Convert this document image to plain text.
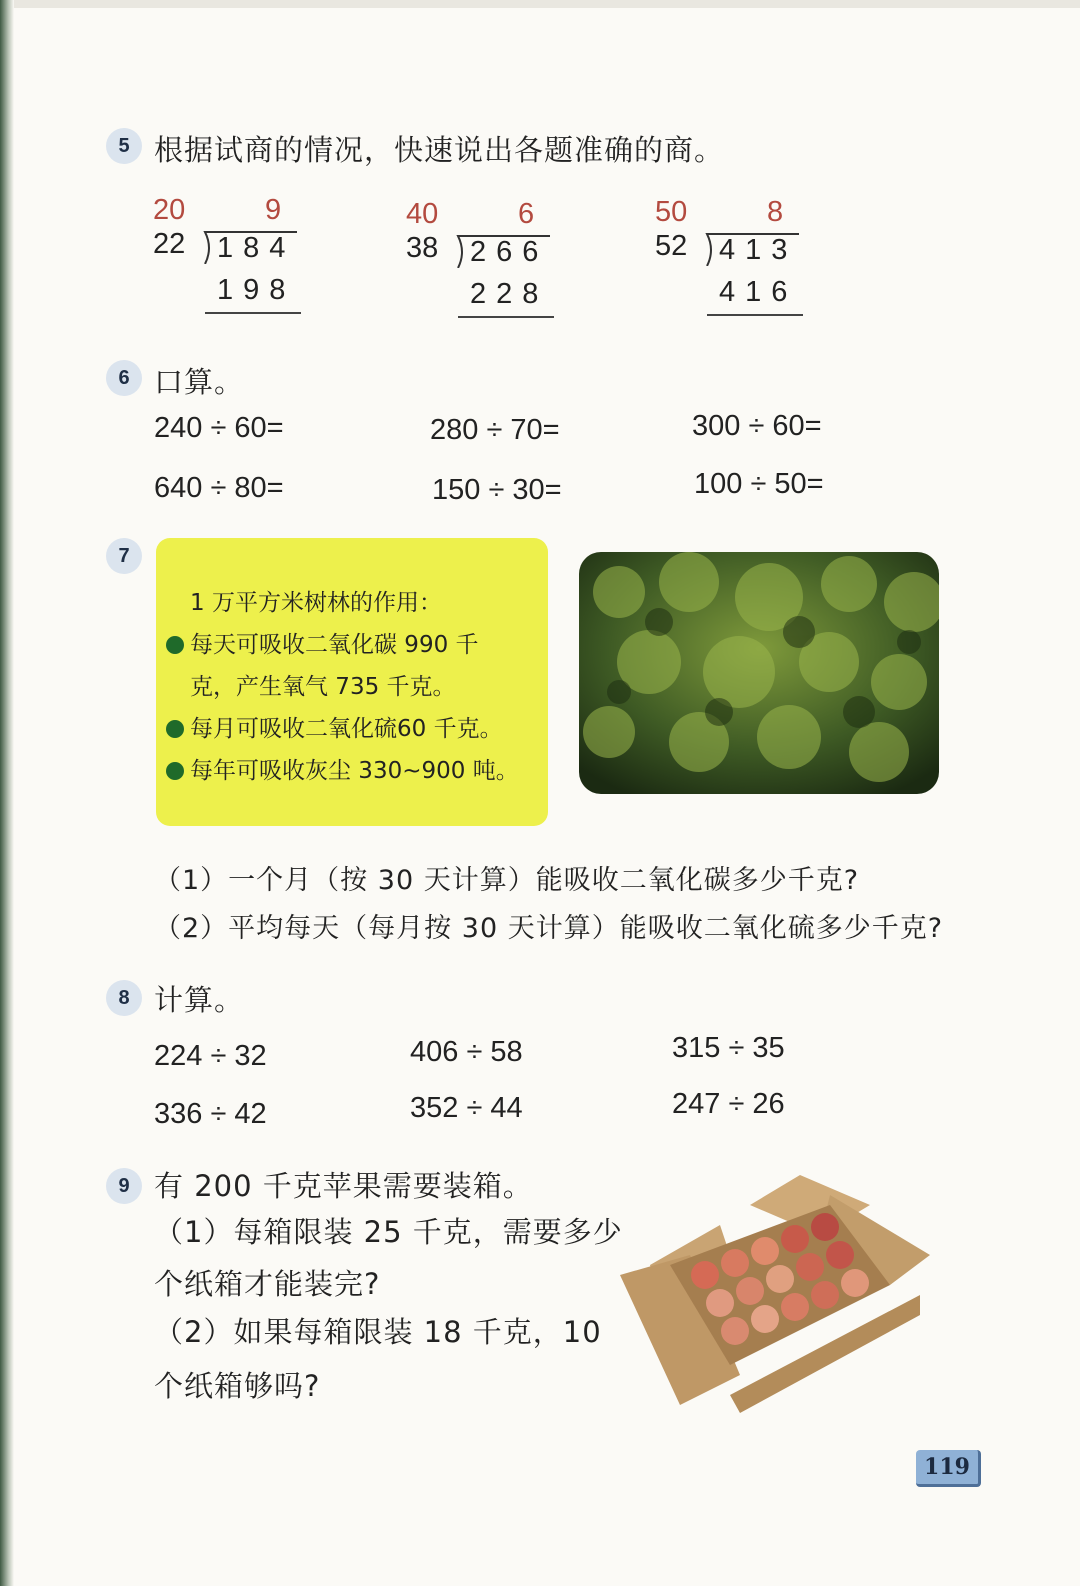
5 根据试商的情况，快速说出各题准确的商。
20	9
22 184
198
40	6
38 266
228
50	8
52 413
416
6 口算。
240 ÷ 60=	280 ÷ 70=	300 ÷ 60=
640 ÷ 80=	150 ÷ 30=	100 ÷ 50=
7
1 万平方米树林的作用：
每天可吸收二氧化碳 990 千
克，产生氧气 735 千克。
每月可吸收二氧化硫60 千克。
每年可吸收灰尘 330~900 吨。
（1）一个月（按 30 天计算）能吸收二氧化碳多少千克?
（2）平均每天（每月按 30 天计算）能吸收二氧化硫多少千克?
8 计算。
224 ÷ 32	406 ÷ 58	315 ÷ 35
336 ÷ 42	352 ÷ 44	247 ÷ 26
9 有 200 千克苹果需要装箱。
（1）每箱限装 25 千克，需要多少
个纸箱才能装完?
（2）如果每箱限装 18 千克，10
个纸箱够吗?
119
